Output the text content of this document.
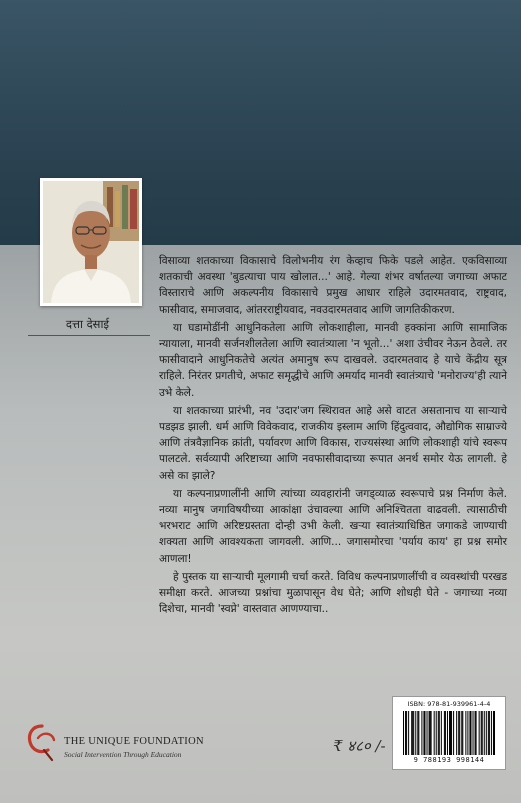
दत्ता देसाई

विसाव्या शतकाच्या विकासाचे विलोभनीय रंग केव्हाच फिके पडले आहेत. एकविसाव्या शतकाची अवस्था 'बुडत्याचा पाय खोलात...' आहे. गेल्या शंभर वर्षातल्या जगाच्या अफाट विस्ताराचे आणि अकल्पनीय विकासाचे प्रमुख आधार राहिले उदारमतवाद, राष्ट्रवाद, फासीवाद, समाजवाद, आंतरराष्ट्रीयवाद, नवउदारमतवाद आणि जागतिकीकरण.

या घडामोडींनी आधुनिकतेला आणि लोकशाहीला, मानवी हक्कांना आणि सामाजिक न्यायाला, मानवी सर्जनशीलतेला आणि स्वातंत्र्याला 'न भूतो...' अशा उंचीवर नेऊन ठेवले. तर फासीवादाने आधुनिकतेचे अत्यंत अमानुष रूप दाखवले. उदारमतवाद हे याचे केंद्रीय सूत्र राहिले. निरंतर प्रगतीचे, अफाट समृद्धीचे आणि अमर्याद मानवी स्वातंत्र्याचे 'मनोराज्य'ही त्याने उभे केले.

या शतकाच्या प्रारंभी, नव 'उदार'जग स्थिरावत आहे असे वाटत असतानाच या साऱ्याचे पडझड झाली. धर्म आणि विवेकवाद, राजकीय इस्लाम आणि हिंदुत्ववाद, औद्योगिक साम्राज्ये आणि तंत्रवैज्ञानिक क्रांती, पर्यावरण आणि विकास, राज्यसंस्था आणि लोकशाही यांचे स्वरूप पालटले. सर्वव्यापी अरिष्टाच्या आणि नवफासीवादाच्या रूपात अनर्थ समोर येऊ लागली. हे असे का झाले?

या कल्पनाप्रणालींनी आणि त्यांच्या व्यवहारांनी जगड्व्याळ स्वरूपाचे प्रश्न निर्माण केले. नव्या मानुष जगाविषयीच्या आकांक्षा उंचावल्या आणि अनिश्चितता वाढवली. त्यासाठीची भरभराट आणि अरिष्टग्रस्तता दोन्ही उभी केली. खऱ्या स्वातंत्र्याधिष्ठित जगाकडे जाण्याची शक्यता आणि आवश्यकता जागवली. आणि... जगासमोरचा 'पर्याय काय' हा प्रश्न समोर आणला!

हे पुस्तक या साऱ्याची मूलगामी चर्चा करते. विविध कल्पनाप्रणालींची व व्यवस्थांची परखड समीक्षा करते. आजच्या प्रश्नांचा मुळापासून वेध घेते; आणि शोधही घेते - जगाच्या नव्या दिशेचा, मानवी 'स्वप्ने' वास्तवात आणण्याचा..

THE UNIQUE FOUNDATION
Social Intervention Through Education	₹ ४८० /-
ISBN: 978-81-939961-4-4
9 788193 998144
